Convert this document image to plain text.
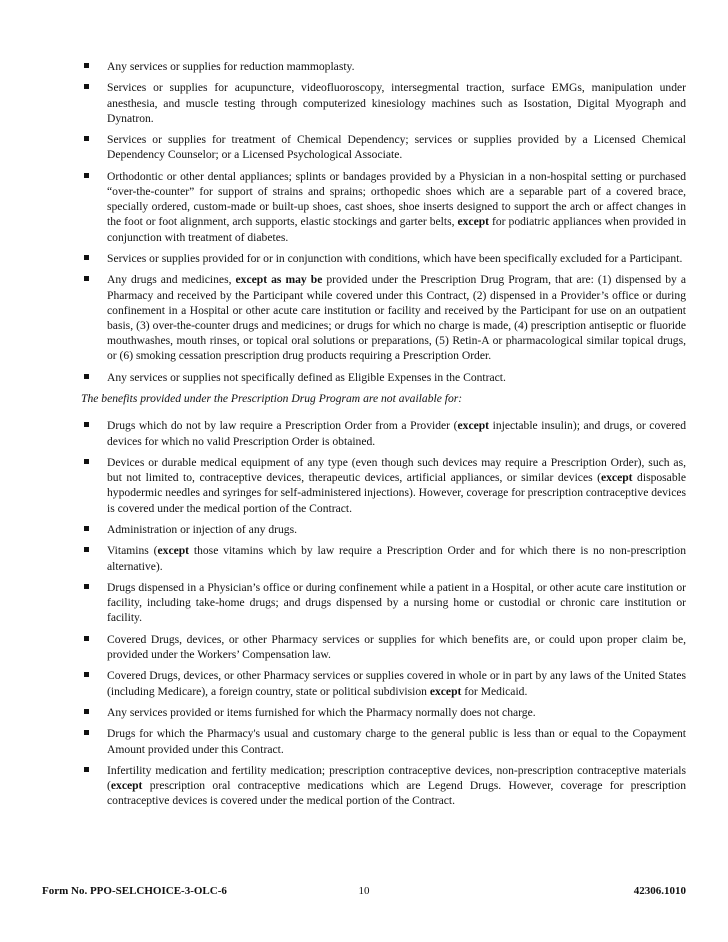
Any services or supplies for reduction mammoplasty.
Services or supplies for acupuncture, videofluoroscopy, intersegmental traction, surface EMGs, manipulation under anesthesia, and muscle testing through computerized kinesiology machines such as Isostation, Digital Myograph and Dynatron.
Services or supplies for treatment of Chemical Dependency; services or supplies provided by a Licensed Chemical Dependency Counselor; or a Licensed Psychological Associate.
Orthodontic or other dental appliances; splints or bandages provided by a Physician in a non-hospital setting or purchased “over-the-counter” for support of strains and sprains; orthopedic shoes which are a separable part of a covered brace, specially ordered, custom-made or built-up shoes, cast shoes, shoe inserts designed to support the arch or affect changes in the foot or foot alignment, arch supports, elastic stockings and garter belts, except for podiatric appliances when provided in conjunction with treatment of diabetes.
Services or supplies provided for or in conjunction with conditions, which have been specifically excluded for a Participant.
Any drugs and medicines, except as may be provided under the Prescription Drug Program, that are: (1) dispensed by a Pharmacy and received by the Participant while covered under this Contract, (2) dispensed in a Provider’s office or during confinement in a Hospital or other acute care institution or facility and received by the Participant for use on an outpatient basis, (3) over-the-counter drugs and medicines; or drugs for which no charge is made, (4) prescription antiseptic or fluoride mouthwashes, mouth rinses, or topical oral solutions or preparations, (5) Retin-A or pharmacological similar topical drugs, or (6) smoking cessation prescription drug products requiring a Prescription Order.
Any services or supplies not specifically defined as Eligible Expenses in the Contract.
The benefits provided under the Prescription Drug Program are not available for:
Drugs which do not by law require a Prescription Order from a Provider (except injectable insulin); and drugs, or covered devices for which no valid Prescription Order is obtained.
Devices or durable medical equipment of any type (even though such devices may require a Prescription Order), such as, but not limited to, contraceptive devices, therapeutic devices, artificial appliances, or similar devices (except disposable hypodermic needles and syringes for self-administered injections). However, coverage for prescription contraceptive devices is covered under the medical portion of the Contract.
Administration or injection of any drugs.
Vitamins (except those vitamins which by law require a Prescription Order and for which there is no non-prescription alternative).
Drugs dispensed in a Physician’s office or during confinement while a patient in a Hospital, or other acute care institution or facility, including take-home drugs; and drugs dispensed by a nursing home or custodial or chronic care institution or facility.
Covered Drugs, devices, or other Pharmacy services or supplies for which benefits are, or could upon proper claim be, provided under the Workers’ Compensation law.
Covered Drugs, devices, or other Pharmacy services or supplies covered in whole or in part by any laws of the United States (including Medicare), a foreign country, state or political subdivision except for Medicaid.
Any services provided or items furnished for which the Pharmacy normally does not charge.
Drugs for which the Pharmacy's usual and customary charge to the general public is less than or equal to the Copayment Amount provided under this Contract.
Infertility medication and fertility medication; prescription contraceptive devices, non-prescription contraceptive materials (except prescription oral contraceptive medications which are Legend Drugs. However, coverage for prescription contraceptive devices is covered under the medical portion of the Contract.
Form No. PPO-SELCHOICE-3-OLC-6	10	42306.1010
